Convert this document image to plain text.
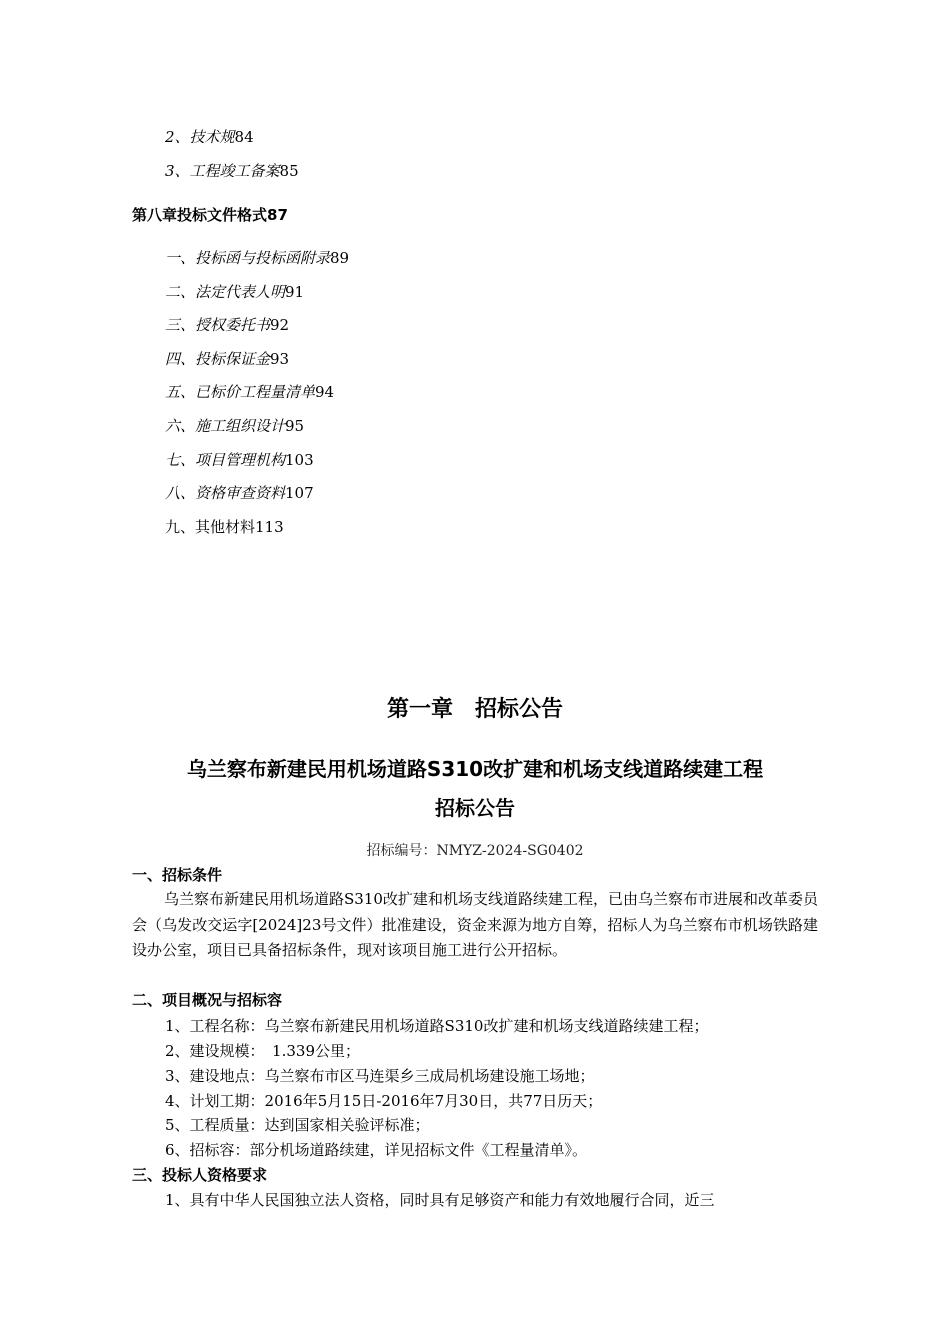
2、技术规84
3、工程竣工备案85
第八章投标文件格式87
一、投标函与投标函附录89
二、法定代表人明91
三、授权委托书92
四、投标保证金93
五、已标价工程量清单94
六、施工组织设计95
七、项目管理机构103
八、资格审查资料107
九、其他材料113
第一章　招标公告
乌兰察布新建民用机场道路S310改扩建和机场支线道路续建工程
招标公告
招标编号：NMYZ-2024-SG0402
一、招标条件
乌兰察布新建民用机场道路S310改扩建和机场支线道路续建工程，已由乌兰察布市进展和改革委员会（乌发改交运字[2024]23号文件）批准建设，资金来源为地方自筹，招标人为乌兰察布市机场铁路建设办公室，项目已具备招标条件，现对该项目施工进行公开招标。
二、项目概况与招标容
1、工程名称：乌兰察布新建民用机场道路S310改扩建和机场支线道路续建工程；
2、建设规模：　1.339公里；
3、建设地点：乌兰察布市区马连渠乡三成局机场建设施工场地；
4、计划工期：2016年5月15日-2016年7月30日，共77日历天；
5、工程质量：达到国家相关验评标准；
6、招标容：部分机场道路续建，详见招标文件《工程量清单》。
三、投标人资格要求
1、具有中华人民国独立法人资格，同时具有足够资产和能力有效地履行合同，近三
